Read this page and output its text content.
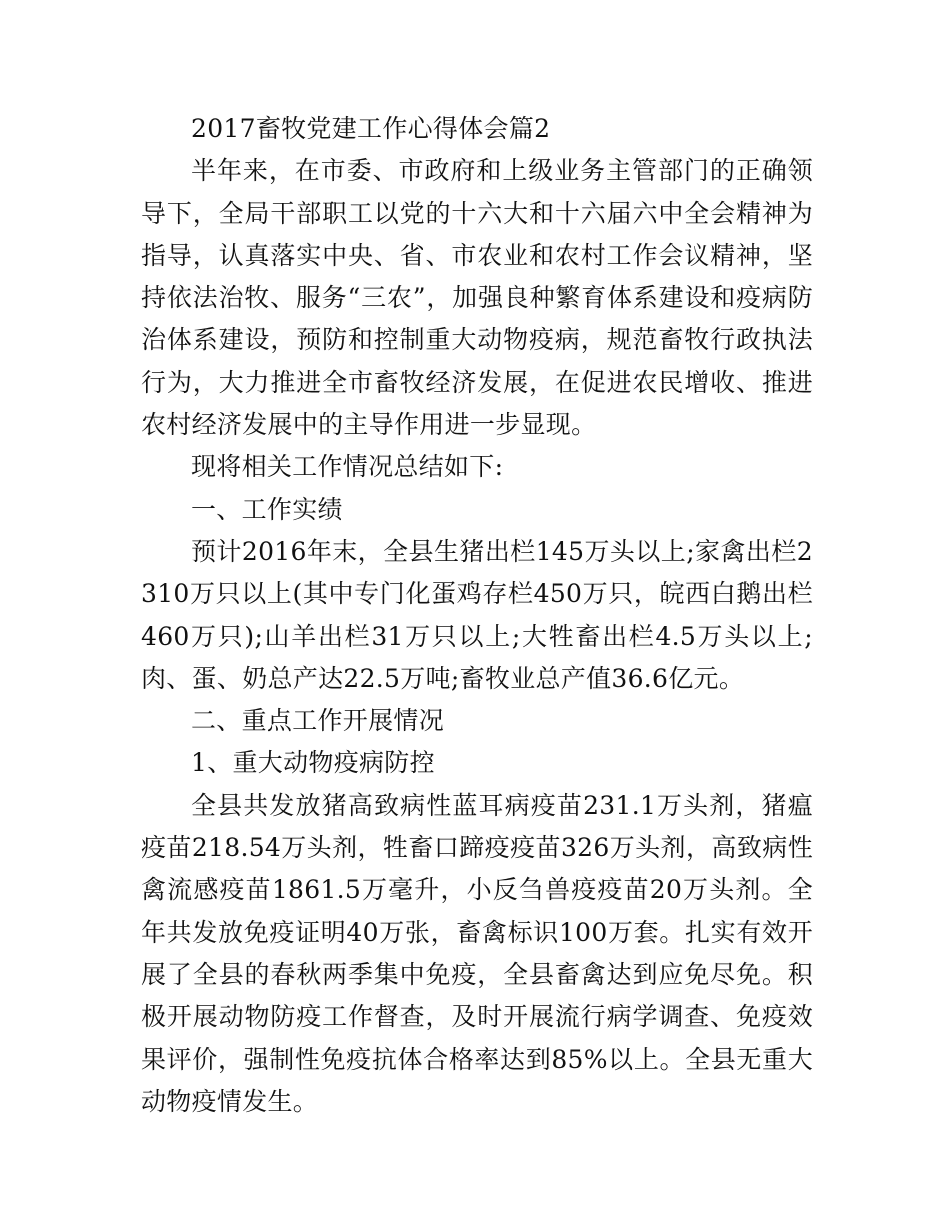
2017畜牧党建工作心得体会篇2

半年来，在市委、市政府和上级业务主管部门的正确领导下，全局干部职工以党的十六大和十六届六中全会精神为指导，认真落实中央、省、市农业和农村工作会议精神，坚持依法治牧、服务“三农”，加强良种繁育体系建设和疫病防治体系建设，预防和控制重大动物疫病，规范畜牧行政执法行为，大力推进全市畜牧经济发展，在促进农民增收、推进农村经济发展中的主导作用进一步显现。

现将相关工作情况总结如下:

一、工作实绩

预计2016年末，全县生猪出栏145万头以上;家禽出栏2310万只以上(其中专门化蛋鸡存栏450万只，皖西白鹅出栏460万只);山羊出栏31万只以上;大牲畜出栏4.5万头以上;肉、蛋、奶总产达22.5万吨;畜牧业总产值36.6亿元。

二、重点工作开展情况

1、重大动物疫病防控

全县共发放猪高致病性蓝耳病疫苗231.1万头剂，猪瘟疫苗218.54万头剂，牲畜口蹄疫疫苗326万头剂，高致病性禽流感疫苗1861.5万毫升，小反刍兽疫疫苗20万头剂。全年共发放免疫证明40万张，畜禽标识100万套。扎实有效开展了全县的春秋两季集中免疫，全县畜禽达到应免尽免。积极开展动物防疫工作督查，及时开展流行病学调查、免疫效果评价，强制性免疫抗体合格率达到85%以上。全县无重大动物疫情发生。
